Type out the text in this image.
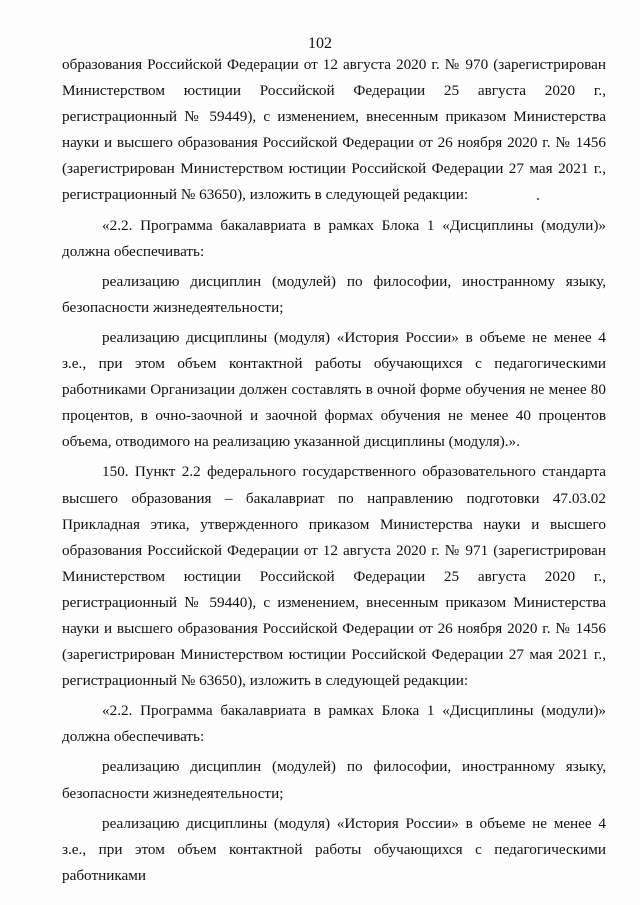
102

образования Российской Федерации от 12 августа 2020 г. № 970 (зарегистрирован Министерством юстиции Российской Федерации 25 августа 2020 г., регистрационный № 59449), с изменением, внесенным приказом Министерства науки и высшего образования Российской Федерации от 26 ноября 2020 г. № 1456 (зарегистрирован Министерством юстиции Российской Федерации 27 мая 2021 г., регистрационный № 63650), изложить в следующей редакции:

«2.2. Программа бакалавриата в рамках Блока 1 «Дисциплины (модули)» должна обеспечивать:

реализацию дисциплин (модулей) по философии, иностранному языку, безопасности жизнедеятельности;

реализацию дисциплины (модуля) «История России» в объеме не менее 4 з.е., при этом объем контактной работы обучающихся с педагогическими работниками Организации должен составлять в очной форме обучения не менее 80 процентов, в очно-заочной и заочной формах обучения не менее 40 процентов объема, отводимого на реализацию указанной дисциплины (модуля).».

150. Пункт 2.2 федерального государственного образовательного стандарта высшего образования – бакалавриат по направлению подготовки 47.03.02 Прикладная этика, утвержденного приказом Министерства науки и высшего образования Российской Федерации от 12 августа 2020 г. № 971 (зарегистрирован Министерством юстиции Российской Федерации 25 августа 2020 г., регистрационный № 59440), с изменением, внесенным приказом Министерства науки и высшего образования Российской Федерации от 26 ноября 2020 г. № 1456 (зарегистрирован Министерством юстиции Российской Федерации 27 мая 2021 г., регистрационный № 63650), изложить в следующей редакции:

«2.2. Программа бакалавриата в рамках Блока 1 «Дисциплины (модули)» должна обеспечивать:

реализацию дисциплин (модулей) по философии, иностранному языку, безопасности жизнедеятельности;

реализацию дисциплины (модуля) «История России» в объеме не менее 4 з.е., при этом объем контактной работы обучающихся с педагогическими работниками
